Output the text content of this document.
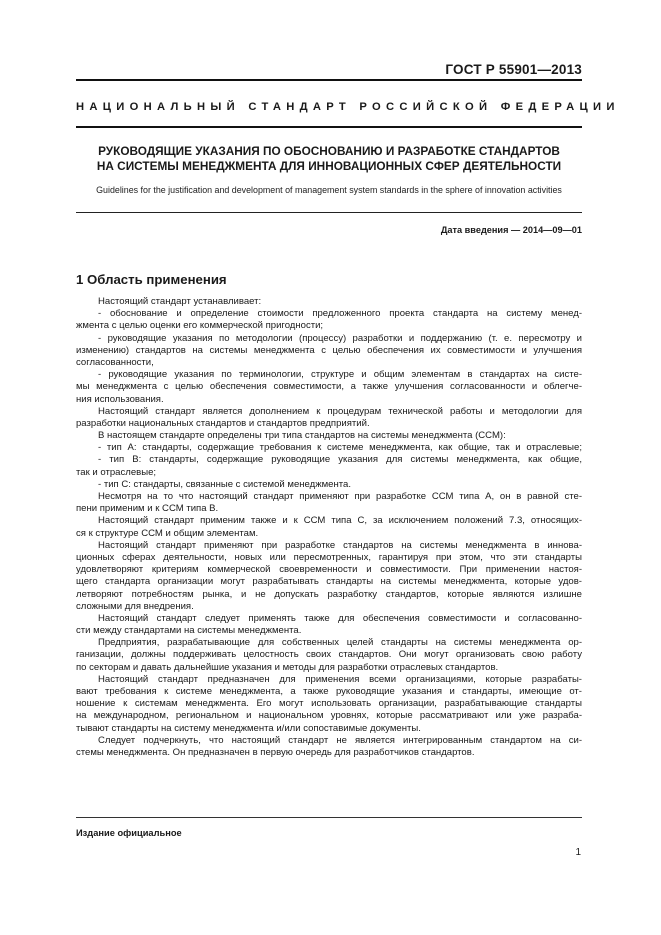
ГОСТ Р 55901—2013
НАЦИОНАЛЬНЫЙ СТАНДАРТ РОССИЙСКОЙ ФЕДЕРАЦИИ
РУКОВОДЯЩИЕ УКАЗАНИЯ ПО ОБОСНОВАНИЮ И РАЗРАБОТКЕ СТАНДАРТОВ
НА СИСТЕМЫ МЕНЕДЖМЕНТА ДЛЯ ИННОВАЦИОННЫХ СФЕР ДЕЯТЕЛЬНОСТИ
Guidelines for the justification and development of management system standards in the sphere of innovation activities
Дата введения — 2014—09—01
1 Область применения
Настоящий стандарт устанавливает:
- обоснование и определение стоимости предложенного проекта стандарта на систему менед-
жмента с целью оценки его коммерческой пригодности;
- руководящие указания по методологии (процессу) разработки и поддержанию (т. е. пересмотру и
изменению) стандартов на системы менеджмента с целью обеспечения их совместимости и улучшения
согласованности,
- руководящие указания по терминологии, структуре и общим элементам в стандартах на систе-
мы менеджмента с целью обеспечения совместимости, а также улучшения согласованности и облегче-
ния использования.
Настоящий стандарт является дополнением к процедурам технической работы и методологии для
разработки национальных стандартов и стандартов предприятий.
В настоящем стандарте определены три типа стандартов на системы менеджмента (ССМ):
- тип А: стандарты, содержащие требования к системе менеджмента, как общие, так и отраслевые;
- тип В: стандарты, содержащие руководящие указания для системы менеджмента, как общие,
так и отраслевые;
- тип С: стандарты, связанные с системой менеджмента.
Несмотря на то что настоящий стандарт применяют при разработке ССМ типа А, он в равной сте-
пени применим и к ССМ типа В.
Настоящий стандарт применим также и к ССМ типа С, за исключением положений 7.3, относящих-
ся к структуре ССМ и общим элементам.
Настоящий стандарт применяют при разработке стандартов на системы менеджмента в иннова-
ционных сферах деятельности, новых или пересмотренных, гарантируя при этом, что эти стандарты
удовлетворяют критериям коммерческой своевременности и совместимости. При применении настоя-
щего стандарта организации могут разрабатывать стандарты на системы менеджмента, которые удов-
летворяют потребностям рынка, и не допускать разработку стандартов, которые являются излишне
сложными для внедрения.
Настоящий стандарт следует применять также для обеспечения совместимости и согласованно-
сти между стандартами на системы менеджмента.
Предприятия, разрабатывающие для собственных целей стандарты на системы менеджмента ор-
ганизации, должны поддерживать целостность своих стандартов. Они могут организовать свою работу
по секторам и давать дальнейшие указания и методы для разработки отраслевых стандартов.
Настоящий стандарт предназначен для применения всеми организациями, которые разрабаты-
вают требования к системе менеджмента, а также руководящие указания и стандарты, имеющие от-
ношение к системам менеджмента. Его могут использовать организации, разрабатывающие стандарты
на международном, региональном и национальном уровнях, которые рассматривают или уже разраба-
тывают стандарты на систему менеджмента и/или сопоставимые документы.
Следует подчеркнуть, что настоящий стандарт не является интегрированным стандартом на си-
стемы менеджмента. Он предназначен в первую очередь для разработчиков стандартов.
Издание официальное
1
